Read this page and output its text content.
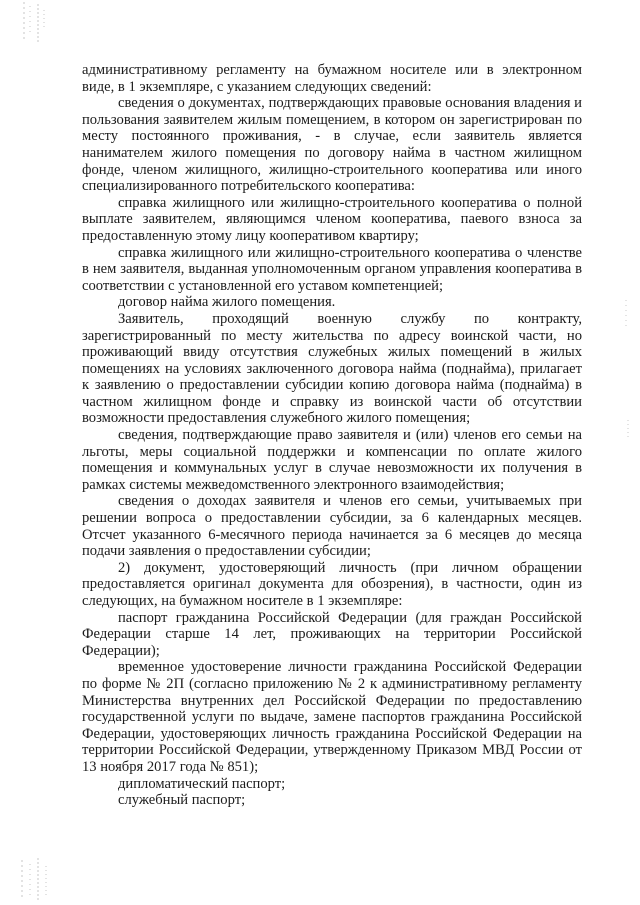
административному регламенту на бумажном носителе или в электронном виде, в 1 экземпляре, с указанием следующих сведений:

сведения о документах, подтверждающих правовые основания владения и пользования заявителем жилым помещением, в котором он зарегистрирован по месту постоянного проживания, - в случае, если заявитель является нанимателем жилого помещения по договору найма в частном жилищном фонде, членом жилищного, жилищно-строительного кооператива или иного специализированного потребительского кооператива:

справка жилищного или жилищно-строительного кооператива о полной выплате заявителем, являющимся членом кооператива, паевого взноса за предоставленную этому лицу кооперативом квартиру;

справка жилищного или жилищно-строительного кооператива о членстве в нем заявителя, выданная уполномоченным органом управления кооператива в соответствии с установленной его уставом компетенцией;

договор найма жилого помещения.

Заявитель, проходящий военную службу по контракту, зарегистрированный по месту жительства по адресу воинской части, но проживающий ввиду отсутствия служебных жилых помещений в жилых помещениях на условиях заключенного договора найма (поднайма), прилагает к заявлению о предоставлении субсидии копию договора найма (поднайма) в частном жилищном фонде и справку из воинской части об отсутствии возможности предоставления служебного жилого помещения;

сведения, подтверждающие право заявителя и (или) членов его семьи на льготы, меры социальной поддержки и компенсации по оплате жилого помещения и коммунальных услуг в случае невозможности их получения в рамках системы межведомственного электронного взаимодействия;

сведения о доходах заявителя и членов его семьи, учитываемых при решении вопроса о предоставлении субсидии, за 6 календарных месяцев. Отсчет указанного 6-месячного периода начинается за 6 месяцев до месяца подачи заявления о предоставлении субсидии;

2) документ, удостоверяющий личность (при личном обращении предоставляется оригинал документа для обозрения), в частности, один из следующих, на бумажном носителе в 1 экземпляре:

паспорт гражданина Российской Федерации (для граждан Российской Федерации старше 14 лет, проживающих на территории Российской Федерации);

временное удостоверение личности гражданина Российской Федерации по форме № 2П (согласно приложению № 2 к административному регламенту Министерства внутренних дел Российской Федерации по предоставлению государственной услуги по выдаче, замене паспортов гражданина Российской Федерации, удостоверяющих личность гражданина Российской Федерации на территории Российской Федерации, утвержденному Приказом МВД России от 13 ноября 2017 года № 851);

дипломатический паспорт;

служебный паспорт;
